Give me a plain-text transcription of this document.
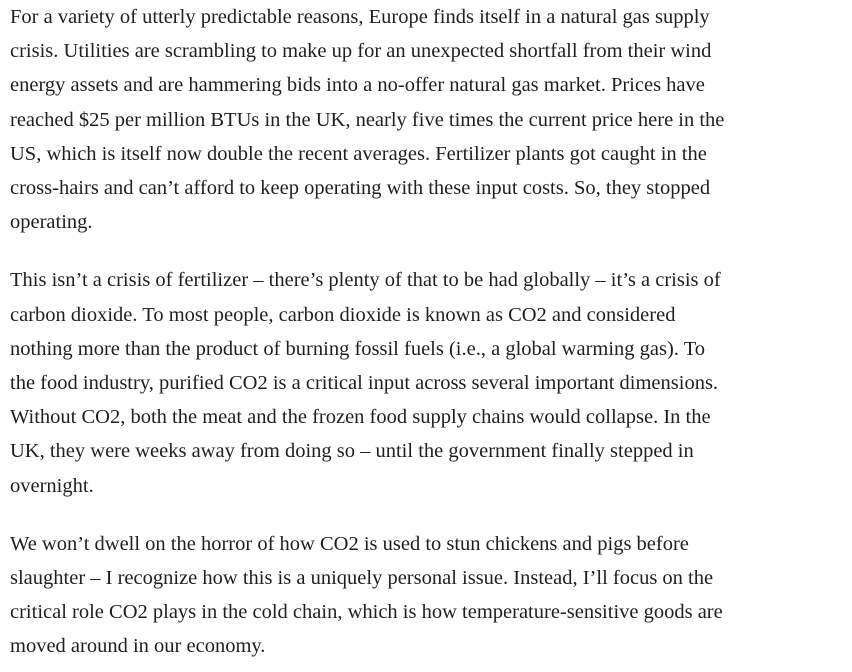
For a variety of utterly predictable reasons, Europe finds itself in a natural gas supply
crisis. Utilities are scrambling to make up for an unexpected shortfall from their wind
energy assets and are hammering bids into a no-offer natural gas market. Prices have
reached $25 per million BTUs in the UK, nearly five times the current price here in the
US, which is itself now double the recent averages. Fertilizer plants got caught in the
cross-hairs and can’t afford to keep operating with these input costs. So, they stopped
operating.

This isn’t a crisis of fertilizer – there’s plenty of that to be had globally – it’s a crisis of
carbon dioxide. To most people, carbon dioxide is known as CO2 and considered
nothing more than the product of burning fossil fuels (i.e., a global warming gas). To
the food industry, purified CO2 is a critical input across several important dimensions.
Without CO2, both the meat and the frozen food supply chains would collapse. In the
UK, they were weeks away from doing so – until the government finally stepped in
overnight.

We won’t dwell on the horror of how CO2 is used to stun chickens and pigs before
slaughter – I recognize how this is a uniquely personal issue. Instead, I’ll focus on the
critical role CO2 plays in the cold chain, which is how temperature-sensitive goods are
moved around in our economy.
